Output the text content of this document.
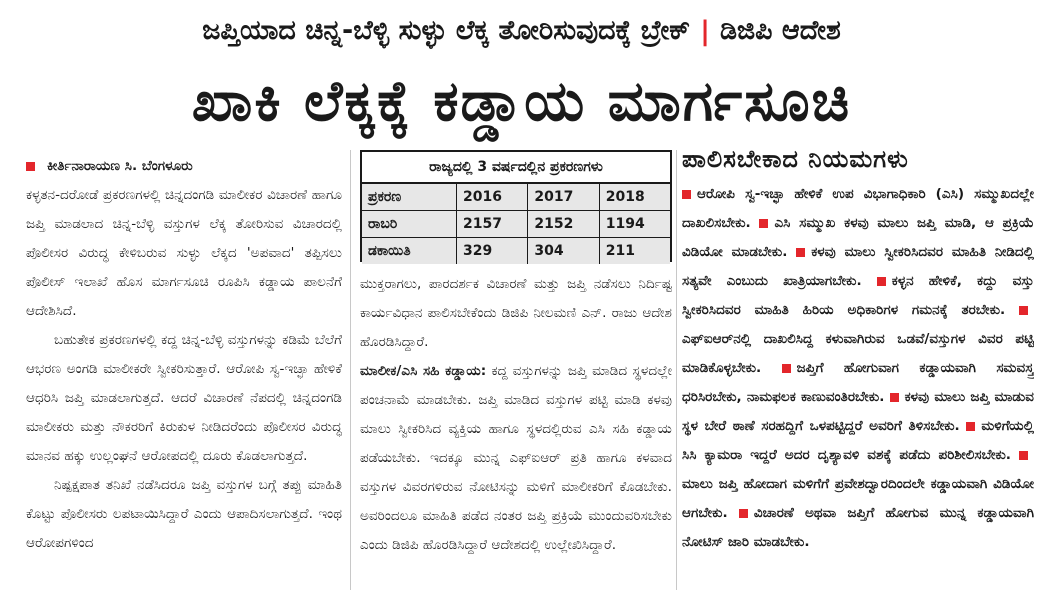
ಜಪ್ತಿಯಾದ ಚಿನ್ನ-ಬೆಳ್ಳಿ ಸುಳ್ಳು ಲೆಕ್ಕ ತೋರಿಸುವುದಕ್ಕೆ ಬ್ರೇಕ್ | ಡಿಜಿಪಿ ಆದೇಶ
ಖಾಕಿ ಲೆಕ್ಕಕ್ಕೆ ಕಡ್ಡಾಯ ಮಾರ್ಗಸೂಚಿ
ಕೀರ್ತಿನಾರಾಯಣ ಸಿ. ಬೆಂಗಳೂರು

ಕಳ್ಳತನ-ದರೋಡೆ ಪ್ರಕರಣಗಳಲ್ಲಿ ಚಿನ್ನದಂಗಡಿ ಮಾಲೀಕರ ವಿಚಾರಣೆ ಹಾಗೂ ಜಪ್ತಿ ಮಾಡಲಾದ ಚಿನ್ನ-ಬೆಳ್ಳಿ ವಸ್ತುಗಳ ಲೆಕ್ಕ ತೋರಿಸುವ ವಿಚಾರದಲ್ಲಿ ಪೊಲೀಸರ ವಿರುದ್ಧ ಕೇಳಿಬರುವ ಸುಳ್ಳು ಲೆಕ್ಕದ 'ಅಪವಾದ' ತಪ್ಪಿಸಲು ಪೊಲೀಸ್ ಇಲಾಖೆ ಹೊಸ ಮಾರ್ಗಸೂಚಿ ರೂಪಿಸಿ ಕಡ್ಡಾಯ ಪಾಲನೆಗೆ ಆದೇಶಿಸಿದೆ.

ಬಹುತೇಕ ಪ್ರಕರಣಗಳಲ್ಲಿ ಕದ್ದ ಚಿನ್ನ-ಬೆಳ್ಳಿ ವಸ್ತುಗಳನ್ನು ಕಡಿಮೆ ಬೆಲೆಗೆ ಆಭರಣ ಅಂಗಡಿ ಮಾಲೀಕರೇ ಸ್ವೀಕರಿಸುತ್ತಾರೆ. ಆರೋಪಿ ಸ್ವ-ಇಚ್ಛಾ ಹೇಳಿಕೆ ಆಧರಿಸಿ ಜಪ್ತಿ ಮಾಡಲಾಗುತ್ತದೆ. ಆದರೆ ವಿಚಾರಣೆ ನೆಪದಲ್ಲಿ ಚಿನ್ನದಂಗಡಿ ಮಾಲೀಕರು ಮತ್ತು ನೌಕರರಿಗೆ ಕಿರುಕುಳ ನೀಡಿದರೆಂದು ಪೊಲೀಸರ ವಿರುದ್ಧ ಮಾನವ ಹಕ್ಕು ಉಲ್ಲಂಘನೆ ಆರೋಪದಲ್ಲಿ ದೂರು ಕೊಡಲಾಗುತ್ತದೆ.

ನಿಷ್ಪಕ್ಷಪಾತ ತನಿಖೆ ನಡೆಸಿದರೂ ಜಪ್ತಿ ವಸ್ತುಗಳ ಬಗ್ಗೆ ತಪ್ಪು ಮಾಹಿತಿ ಕೊಟ್ಟು ಪೊಲೀಸರು ಲಪಟಾಯಿಸಿದ್ದಾರೆ ಎಂದು ಆಪಾದಿಸಲಾಗುತ್ತದೆ. ಇಂಥ ಆರೋಪಗಳಿಂದ

ರಾಜ್ಯದಲ್ಲಿ 3 ವರ್ಷದಲ್ಲಿನ ಪ್ರಕರಣಗಳು
ಪ್ರಕರಣ	2016	2017	2018
ರಾಬರಿ	2157	2152	1194
ಡಕಾಯಿತಿ	329	304	211

ಮುಕ್ತರಾಗಲು, ಪಾರದರ್ಶಕ ವಿಚಾರಣೆ ಮತ್ತು ಜಪ್ತಿ ನಡೆಸಲು ನಿರ್ದಿಷ್ಟ ಕಾರ್ಯವಿಧಾನ ಪಾಲಿಸಬೇಕೆಂದು ಡಿಜಿಪಿ ನೀಲಮಣಿ ಎನ್. ರಾಜು ಆದೇಶ ಹೊರಡಿಸಿದ್ದಾರೆ.

ಮಾಲೀಕ/ಎಸಿ ಸಹಿ ಕಡ್ಡಾಯ: ಕದ್ದ ವಸ್ತುಗಳನ್ನು ಜಪ್ತಿ ಮಾಡಿದ ಸ್ಥಳದಲ್ಲೇ ಪಂಚನಾಮೆ ಮಾಡಬೇಕು. ಜಪ್ತಿ ಮಾಡಿದ ವಸ್ತುಗಳ ಪಟ್ಟಿ ಮಾಡಿ ಕಳವು ಮಾಲು ಸ್ವೀಕರಿಸಿದ ವ್ಯಕ್ತಿಯ ಹಾಗೂ ಸ್ಥಳದಲ್ಲಿರುವ ಎಸಿ ಸಹಿ ಕಡ್ಡಾಯ ಪಡೆಯಬೇಕು. ಇದಕ್ಕೂ ಮುನ್ನ ಎಫ್ಐಆರ್ ಪ್ರತಿ ಹಾಗೂ ಕಳವಾದ ವಸ್ತುಗಳ ವಿವರಗಳಿರುವ ನೋಟಿಸನ್ನು ಮಳಿಗೆ ಮಾಲೀಕರಿಗೆ ಕೊಡಬೇಕು. ಅವರಿಂದಲೂ ಮಾಹಿತಿ ಪಡೆದ ನಂತರ ಜಪ್ತಿ ಪ್ರಕ್ರಿಯೆ ಮುಂದುವರಿಸಬೇಕು ಎಂದು ಡಿಜಿಪಿ ಹೊರಡಿಸಿದ್ದಾರೆ ಆದೇಶದಲ್ಲಿ ಉಲ್ಲೇಖಿಸಿದ್ದಾರೆ.

ಪಾಲಿಸಬೇಕಾದ ನಿಯಮಗಳು
ಆರೋಪಿ ಸ್ವ-ಇಚ್ಛಾ ಹೇಳಿಕೆ ಉಪ ವಿಭಾಗಾಧಿಕಾರಿ (ಎಸಿ) ಸಮ್ಮುಖದಲ್ಲೇ ದಾಖಲಿಸಬೇಕು. ಎಸಿ ಸಮ್ಮುಖ ಕಳವು ಮಾಲು ಜಪ್ತಿ ಮಾಡಿ, ಆ ಪ್ರಕ್ರಿಯೆ ವಿಡಿಯೋ ಮಾಡಬೇಕು. ಕಳವು ಮಾಲು ಸ್ವೀಕರಿಸಿದವರ ಮಾಹಿತಿ ನೀಡಿದಲ್ಲಿ ಸತ್ಯವೇ ಎಂಬುದು ಖಾತ್ರಿಯಾಗಬೇಕು. ಕಳ್ಳನ ಹೇಳಿಕೆ, ಕದ್ದು ವಸ್ತು ಸ್ವೀಕರಿಸಿದವರ ಮಾಹಿತಿ ಹಿರಿಯ ಅಧಿಕಾರಿಗಳ ಗಮನಕ್ಕೆ ತರಬೇಕು. ಎಫ್ಐಆರ್‌ನಲ್ಲಿ ದಾಖಲಿಸಿದ್ದ ಕಳುವಾಗಿರುವ ಒಡವೆ/ವಸ್ತುಗಳ ವಿವರ ಪಟ್ಟಿ ಮಾಡಿಕೊಳ್ಳಬೇಕು.	ಜಪ್ತಿಗೆ ಹೋಗುವಾಗ ಕಡ್ಡಾಯವಾಗಿ ಸಮವಸ್ತ್ರ ಧರಿಸಿರಬೇಕು, ನಾಮಫಲಕ ಕಾಣುವಂತಿರಬೇಕು. ಕಳವು ಮಾಲು ಜಪ್ತಿ ಮಾಡುವ ಸ್ಥಳ ಬೇರೆ ಠಾಣೆ ಸರಹದ್ದಿಗೆ ಒಳಪಟ್ಟಿದ್ದರೆ ಅವರಿಗೆ ತಿಳಿಸಬೇಕು. ಮಳಿಗೆಯಲ್ಲಿ ಸಿಸಿ ಕ್ಯಾಮರಾ ಇದ್ದರೆ ಅದರ ದೃಶ್ಯಾವಳಿ ವಶಕ್ಕೆ ಪಡೆದು ಪರಿಶೀಲಿಸಬೇಕು. ಮಾಲು ಜಪ್ತಿ ಹೋದಾಗ ಮಳಿಗೆಗೆ ಪ್ರವೇಶದ್ವಾರದಿಂದಲೇ ಕಡ್ಡಾಯವಾಗಿ ವಿಡಿಯೋ ಆಗಬೇಕು. ವಿಚಾರಣೆ ಅಥವಾ ಜಪ್ತಿಗೆ ಹೋಗುವ ಮುನ್ನ ಕಡ್ಡಾಯವಾಗಿ ನೋಟಿಸ್ ಜಾರಿ ಮಾಡಬೇಕು.
